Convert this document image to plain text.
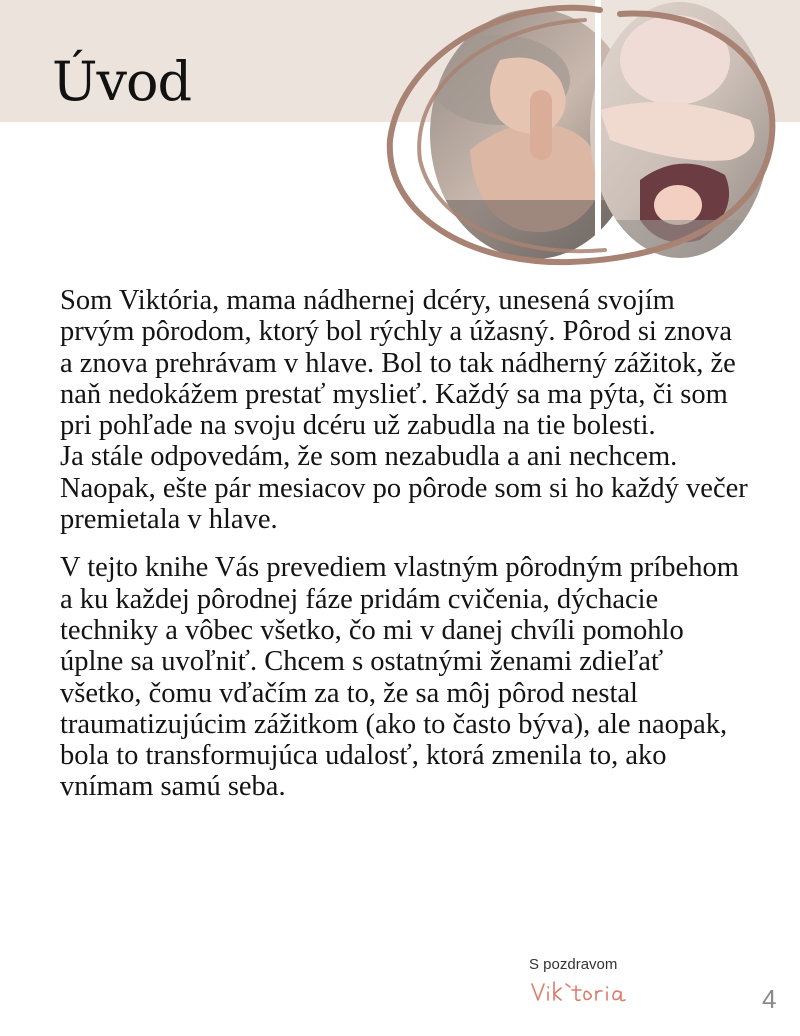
Úvod

Som Viktória, mama nádhernej dcéry, unesená svojím prvým pôrodom, ktorý bol rýchly a úžasný. Pôrod si znova a znova prehrávam v hlave. Bol to tak nádherný zážitok, že naň nedokážem prestať myslieť. Každý sa ma pýta, či som pri pohľade na svoju dcéru už zabudla na tie bolesti.

Ja stále odpovedám, že som nezabudla a ani nechcem. Naopak, ešte pár mesiacov po pôrode som si ho každý večer premietala v hlave.

V tejto knihe Vás prevediem vlastným pôrodným príbehom a ku každej pôrodnej fáze pridám cvičenia, dýchacie techniky a vôbec všetko, čo mi v danej chvíli pomohlo úplne sa uvoľniť. Chcem s ostatnými ženami zdieľať všetko, čomu vďačím za to, že sa môj pôrod nestal traumatizujúcim zážitkom (ako to často býva), ale naopak, bola to transformujúca udalosť, ktorá zmenila to, ako vnímam samú seba.

S pozdravom
4
